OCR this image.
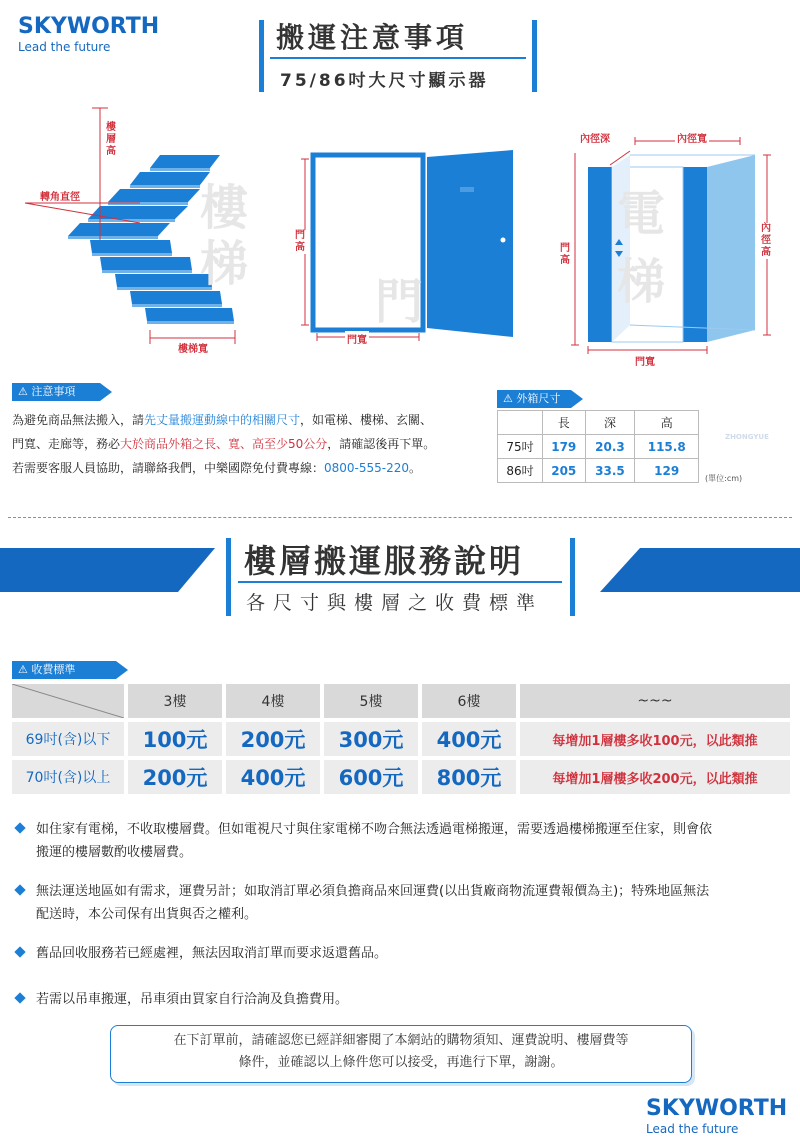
SKYWORTH
Lead the future	搬運注意事項
75/86吋大尺寸顯示器
樓層高
轉角直徑
樓梯寬
樓梯
門高
門寬
門
內徑深	內徑寬
內徑高
門高
門寬
電梯
⚠ 注意事項
為避免商品無法搬入，請先丈量搬運動線中的相關尺寸，如電梯、樓梯、玄關、
門寬、走廊等，務必大於商品外箱之長、寬、高至少50公分，請確認後再下單。
若需要客服人員協助，請聯絡我們，中樂國際免付費專線：0800-555-220。
⚠ 外箱尺寸
	長	深	高
75吋	179	20.3	115.8
86吋	205	33.5	129
ZHONGYUE
(單位:cm)
樓層搬運服務說明
各尺寸與樓層之收費標準
⚠ 收費標準
	3樓	4樓	5樓	6樓	~~~
69吋(含)以下	100元	200元	300元	400元	每增加1層樓多收100元，以此類推
70吋(含)以上	200元	400元	600元	800元	每增加1層樓多收200元，以此類推
如住家有電梯，不收取樓層費。但如電視尺寸與住家電梯不吻合無法透過電梯搬運，需要透過樓梯搬運至住家，則會依
搬運的樓層數酌收樓層費。
無法運送地區如有需求，運費另計；如取消訂單必須負擔商品來回運費(以出貨廠商物流運費報價為主)；特殊地區無法
配送時，本公司保有出貨與否之權利。
舊品回收服務若已經處裡，無法因取消訂單而要求返還舊品。
若需以吊車搬運，吊車須由買家自行洽詢及負擔費用。
在下訂單前，請確認您已經詳細審閱了本網站的購物須知、運費說明、樓層費等
條件，並確認以上條件您可以接受，再進行下單，謝謝。
SKYWORTH
Lead the future
